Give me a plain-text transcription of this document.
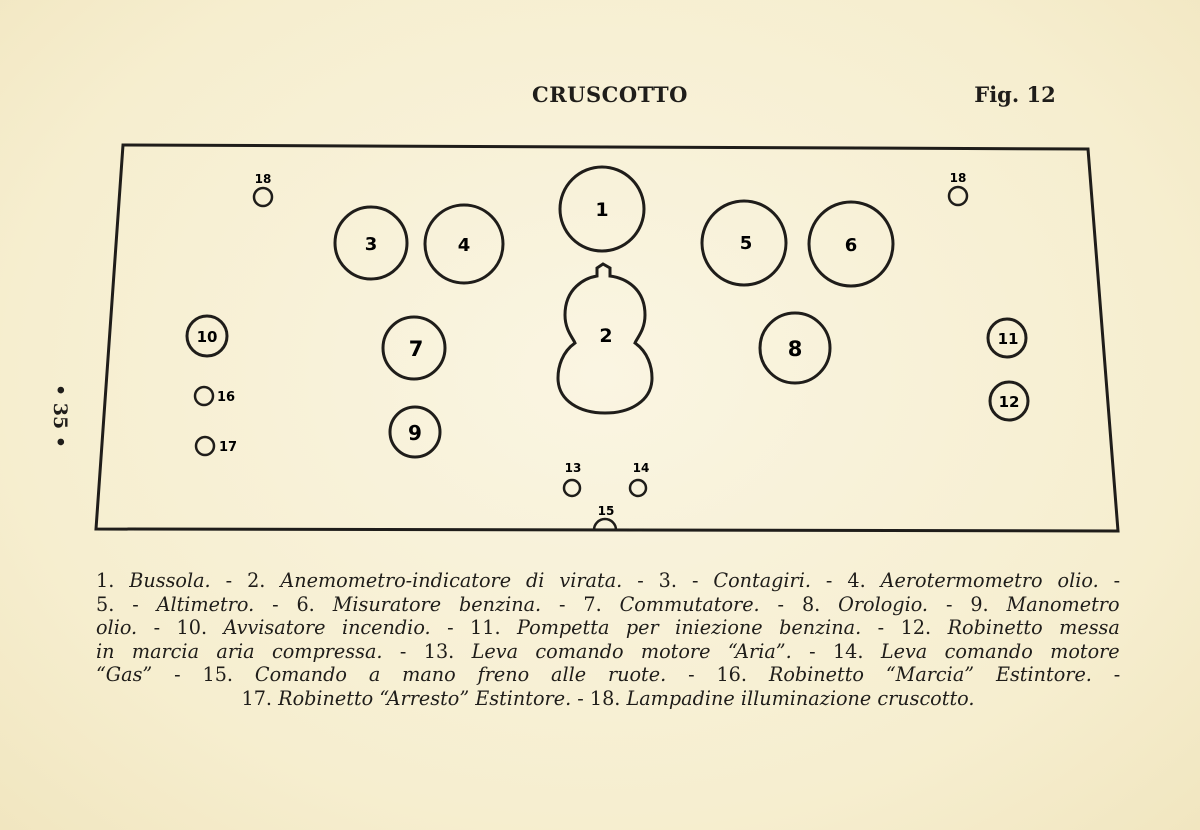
CRUSCOTTO	Fig. 12
• 35 •
1
2
3	4	5	6
7	8
9
10	11
12
13	14
15
16
17
18	18
1. Bussola. - 2. Anemometro-indicatore di virata. - 3. - Contagiri. - 4. Aerotermometro olio. -
5. - Altimetro. - 6. Misuratore benzina. - 7. Commutatore. - 8. Orologio. - 9. Manometro
olio. - 10. Avvisatore incendio. - 11. Pompetta per iniezione benzina. - 12. Robinetto messa
in marcia aria compressa. - 13. Leva comando motore “Aria”. - 14. Leva comando motore
“Gas” - 15. Comando a mano freno alle ruote. - 16. Robinetto “Marcia” Estintore. -
17. Robinetto “Arresto” Estintore. - 18. Lampadine illuminazione cruscotto.
